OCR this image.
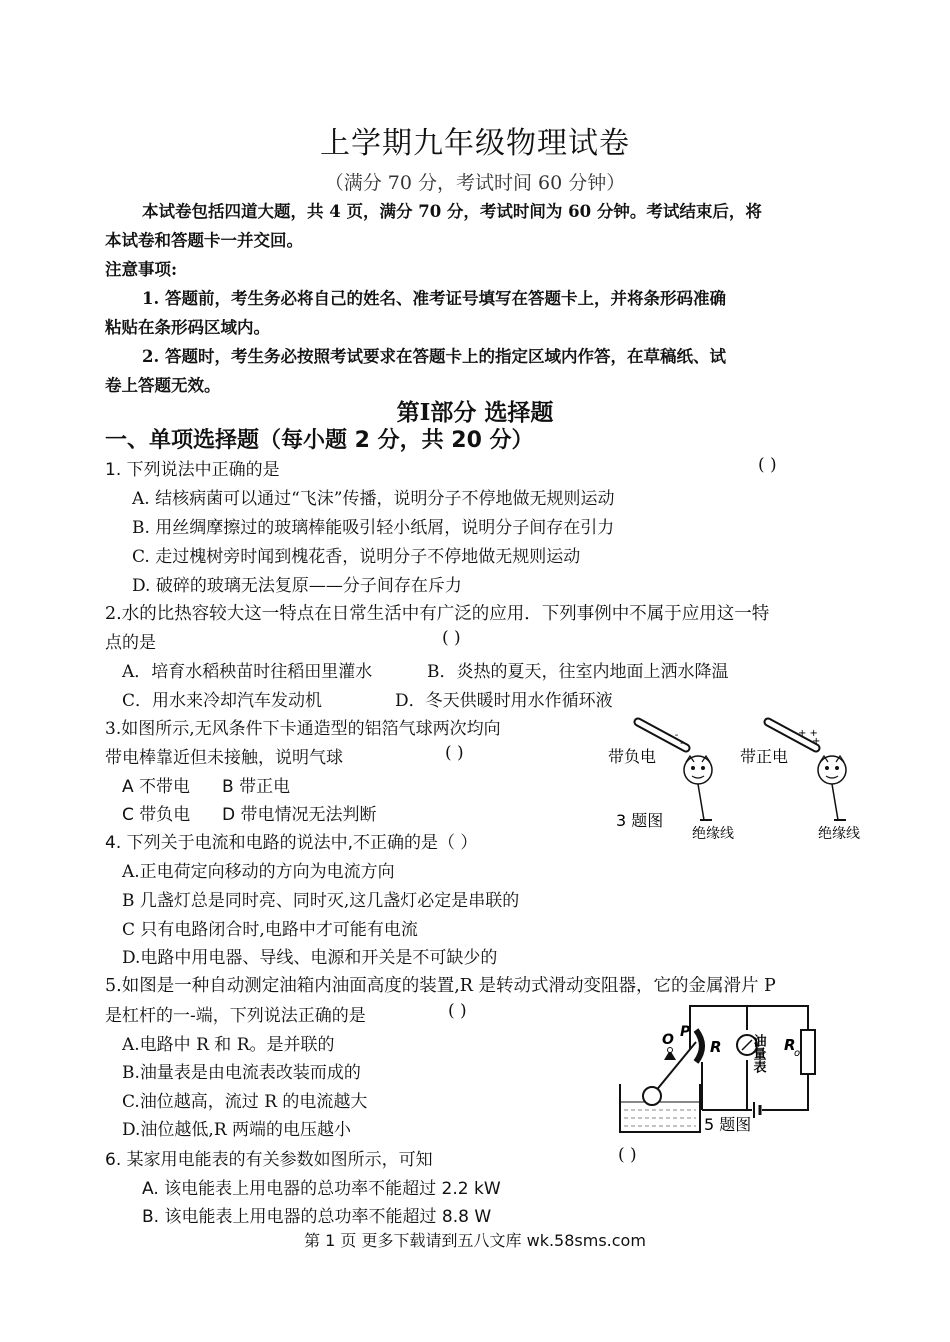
上学期九年级物理试卷
（满分 70 分，考试时间 60 分钟）
本试卷包括四道大题，共 4 页，满分 70 分，考试时间为 60 分钟。考试结束后，将
本试卷和答题卡一并交回。
注意事项:
1. 答题前，考生务必将自己的姓名、准考证号填写在答题卡上，并将条形码准确
粘贴在条形码区域内。
2. 答题时，考生务必按照考试要求在答题卡上的指定区域内作答，在草稿纸、试
卷上答题无效。
第Ⅰ部分 选择题
一、单项选择题（每小题 2 分，共 20 分）
1. 下列说法中正确的是	( )
A. 结核病菌可以通过“飞沫”传播，说明分子不停地做无规则运动
B. 用丝绸摩擦过的玻璃棒能吸引轻小纸屑，说明分子间存在引力
C. 走过槐树旁时闻到槐花香，说明分子不停地做无规则运动
D. 破碎的玻璃无法复原——分子间存在斥力
2.水的比热容较大这一特点在日常生活中有广泛的应用．下列事例中不属于应用这一特
点的是	( )
A．培育水稻秧苗时往稻田里灌水	B．炎热的夏天，往室内地面上洒水降温
C．用水来冷却汽车发动机	D．冬天供暖时用水作循环液
3.如图所示,无风条件下卡通造型的铝箔气球两次均向
带电棒靠近但未接触，说明气球	( )
A 不带电 B 带正电
C 带负电 D 带电情况无法判断
- -
-
带负电
3 题图
绝缘线
+ +
+
带正电
绝缘线
4. 下列关于电流和电路的说法中,不正确的是（ ）
A.正电荷定向移动的方向为电流方向
B 几盏灯总是同时亮、同时灭,这几盏灯必定是串联的
C 只有电路闭合时,电路中才可能有电流
D.电路中用电器、导线、电源和开关是不可缺少的
5.如图是一种自动测定油箱内油面高度的装置,R 是转动式滑动变阻器，它的金属滑片 P
是杠杆的一-端，下列说法正确的是	( )
A.电路中 R 和 R。是并联的
B.油量表是由电流表改装而成的
C.油位越高，流过 R 的电流越大
D.油位越低,R 两端的电压越小
R
o
油量表
R
O P
5 题图
6. 某家用电能表的有关参数如图所示，可知	( )
A. 该电能表上用电器的总功率不能超过 2.2 kW
B. 该电能表上用电器的总功率不能超过 8.8 W
第 1 页 更多下载请到五八文库 wk.58sms.com
